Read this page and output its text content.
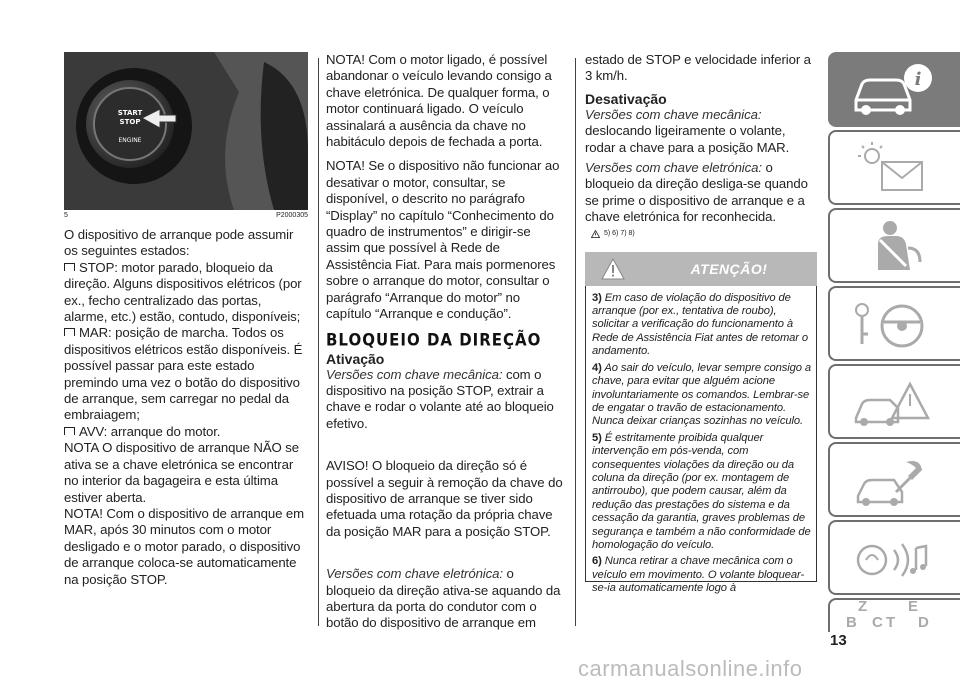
START
STOP
ENGINE
5	P2000305

O dispositivo de arranque pode assumir os seguintes estados:

STOP: motor parado, bloqueio da direção. Alguns dispositivos elétricos (por ex., fecho centralizado das portas, alarme, etc.) estão, contudo, disponíveis;

MAR: posição de marcha. Todos os dispositivos elétricos estão disponíveis. É possível passar para este estado premindo uma vez o botão do dispositivo de arranque, sem carregar no pedal da embraiagem;

AVV: arranque do motor.

NOTA O dispositivo de arranque NÃO se ativa se a chave eletrónica se encontrar no interior da bagageira e esta última estiver aberta.

NOTA! Com o dispositivo de arranque em MAR, após 30 minutos com o motor desligado e o motor parado, o dispositivo de arranque coloca-se automaticamente na posição STOP.

NOTA! Com o motor ligado, é possível abandonar o veículo levando consigo a chave eletrónica. De qualquer forma, o motor continuará ligado. O veículo assinalará a ausência da chave no habitáculo depois de fechada a porta.

NOTA! Se o dispositivo não funcionar ao desativar o motor, consultar, se disponível, o descrito no parágrafo “Display” no capítulo “Conhecimento do quadro de instrumentos” e dirigir-se assim que possível à Rede de Assistência Fiat. Para mais pormenores sobre o arranque do motor, consultar o parágrafo “Arranque do motor” no capítulo “Arranque e condução”.

BLOQUEIO DA DIREÇÃO
Ativação

Versões com chave mecânica: com o dispositivo na posição STOP, extrair a chave e rodar o volante até ao bloqueio efetivo.

AVISO! O bloqueio da direção só é possível a seguir à remoção da chave do dispositivo de arranque se tiver sido efetuada uma rotação da própria chave da posição MAR para a posição STOP.

Versões com chave eletrónica: o bloqueio da direção ativa-se aquando da abertura da porta do condutor com o botão do dispositivo de arranque em

estado de STOP e velocidade inferior a 3 km/h.

Desativação

Versões com chave mecânica:

deslocando ligeiramente o volante, rodar a chave para a posição MAR.

Versões com chave eletrónica: o bloqueio da direção desliga-se quando se prime o dispositivo de arranque e a chave eletrónica for reconhecida.

5) 6) 7) 8)
ATENÇÃO!

3) Em caso de violação do dispositivo de arranque (por ex., tentativa de roubo), solicitar a verificação do funcionamento à Rede de Assistência Fiat antes de retomar o andamento.

4) Ao sair do veículo, levar sempre consigo a chave, para evitar que alguém acione involuntariamente os comandos. Lembrar-se de engatar o travão de estacionamento. Nunca deixar crianças sozinhas no veículo.

5) É estritamente proibida qualquer intervenção em pós-venda, com consequentes violações da direção ou da coluna da direção (por ex. montagem de antirroubo), que podem causar, além da redução das prestações do sistema e da cessação da garantia, graves problemas de segurança e também a não conformidade de homologação do veículo.

6) Nunca retirar a chave mecânica com o veículo em movimento. O volante bloquear-se-ia automaticamente logo à

i
Z	E
B C T D
13
carmanualsonline.info
